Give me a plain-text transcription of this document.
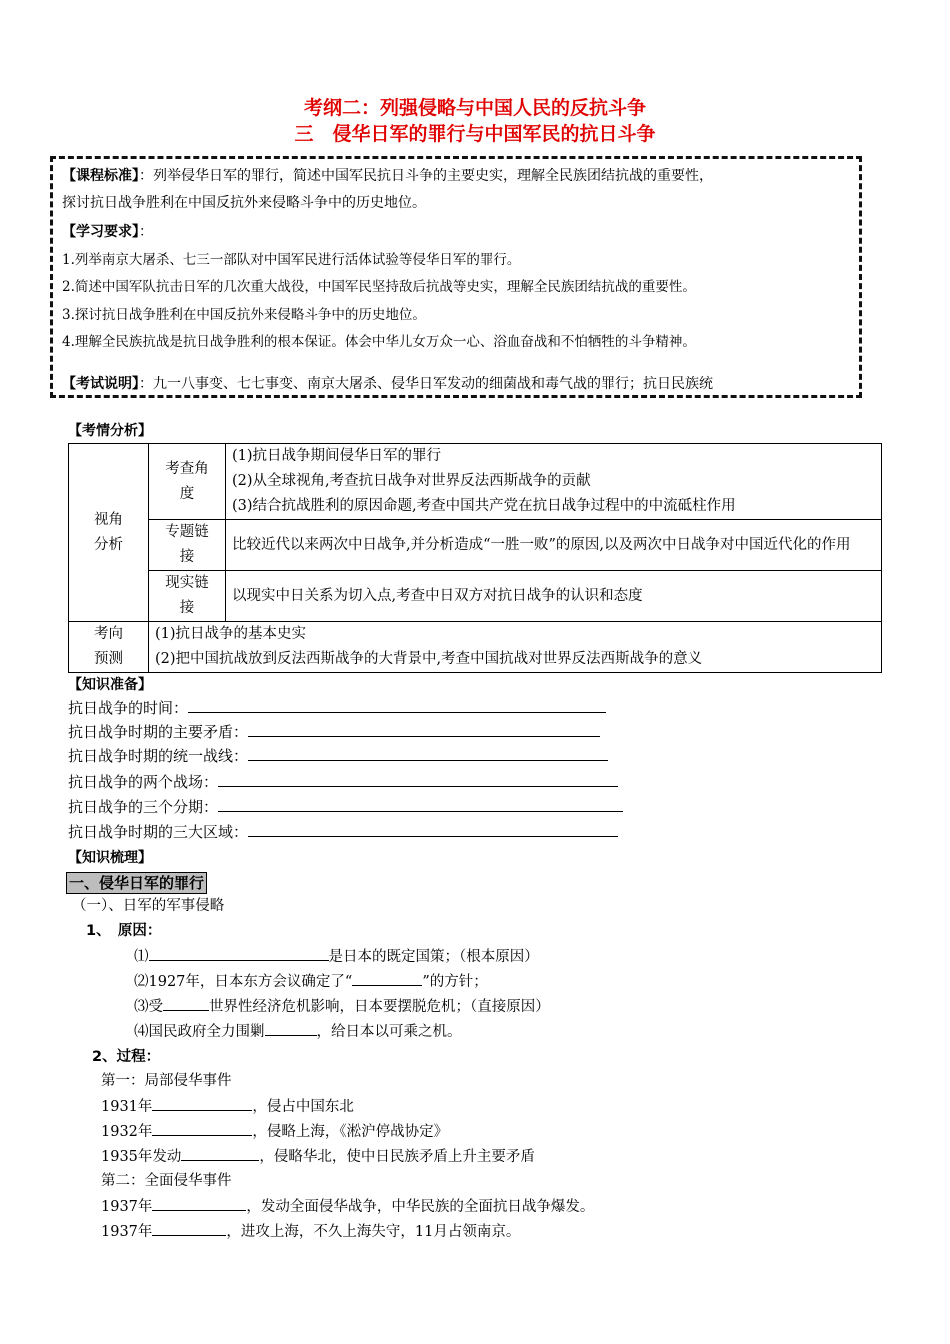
考纲二：列强侵略与中国人民的反抗斗争
三　侵华日军的罪行与中国军民的抗日斗争
【课程标准】：列举侵华日军的罪行，简述中国军民抗日斗争的主要史实，理解全民族团结抗战的重要性，
探讨抗日战争胜利在中国反抗外来侵略斗争中的历史地位。
【学习要求】：
1.列举南京大屠杀、七三一部队对中国军民进行活体试验等侵华日军的罪行。
2.简述中国军队抗击日军的几次重大战役，中国军民坚持敌后抗战等史实，理解全民族团结抗战的重要性。
3.探讨抗日战争胜利在中国反抗外来侵略斗争中的历史地位。
4.理解全民族抗战是抗日战争胜利的根本保证。体会中华儿女万众一心、浴血奋战和不怕牺牲的斗争精神。
【考试说明】：九一八事变、七七事变、南京大屠杀、侵华日军发动的细菌战和毒气战的罪行；抗日民族统
【考情分析】
视角分析	考查角度	(1)抗日战争期间侵华日军的罪行
(2)从全球视角,考查抗日战争对世界反法西斯战争的贡献
(3)结合抗战胜利的原因命题,考查中国共产党在抗日战争过程中的中流砥柱作用

	专题链接	比较近代以来两次中日战争,并分析造成“一胜一败”的原因,以及两次中日战争对中国近代化的作用

	现实链接	以现实中日关系为切入点,考查中日双方对抗日战争的认识和态度

考向预测	(1)抗日战争的基本史实
(2)把中国抗战放到反法西斯战争的大背景中,考查中国抗战对世界反法西斯战争的意义	
【知识准备】
抗日战争的时间：
抗日战争时期的主要矛盾：
抗日战争时期的统一战线：
抗日战争的两个战场：
抗日战争的三个分期：
抗日战争时期的三大区域：
【知识梳理】
一、侵华日军的罪行
（一）、日军的军事侵略
1、　原因：
⑴	是日本的既定国策；（根本原因）
⑵1927年，日本东方会议确定了“	”的方针；
⑶受	世界性经济危机影响，日本要摆脱危机；（直接原因）
⑷国民政府全力围剿	，给日本以可乘之机。
2、过程：
第一：局部侵华事件
1931年	，侵占中国东北
1932年	，侵略上海，《淞沪停战协定》
1935年发动	，侵略华北，使中日民族矛盾上升主要矛盾
第二：全面侵华事件
1937年	，发动全面侵华战争，中华民族的全面抗日战争爆发。
1937年	，进攻上海，不久上海失守，11月占领南京。
